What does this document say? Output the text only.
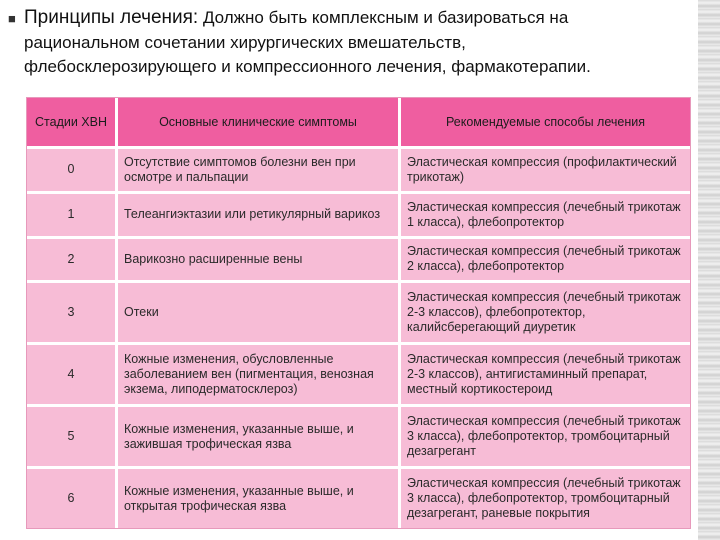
■ Принципы лечения: Должно быть комплексным и базироваться на
рациональном сочетании хирургических вмешательств,
флебосклерозирующего и компрессионного лечения, фармакотерапии.
Стадии ХВН	Основные клинические симптомы	Рекомендуемые способы лечения
0	Отсутствие симптомов болезни вен при осмотре и пальпации	Эластическая компрессия (профилактический трикотаж)
1	Телеангиэктазии или ретикулярный варикоз	Эластическая компрессия (лечебный трикотаж 1 класса), флебопротектор
2	Варикозно расширенные вены	Эластическая компрессия (лечебный трикотаж 2 класса), флебопротектор
3	Отеки	Эластическая компрессия (лечебный трикотаж 2-3 классов), флебопротектор, калийсберегающий диуретик
4	Кожные изменения, обусловленные заболеванием вен (пигментация, венозная экзема, липодерматосклероз)	Эластическая компрессия (лечебный трикотаж 2-3 классов), антигистаминный препарат, местный кортикостероид
5	Кожные изменения, указанные выше, и зажившая трофическая язва	Эластическая компрессия (лечебный трикотаж 3 класса), флебопротектор, тромбоцитарный дезагрегант
6	Кожные изменения, указанные выше, и открытая трофическая язва	Эластическая компрессия (лечебный трикотаж 3 класса), флебопротектор, тромбоцитарный дезагрегант, раневые покрытия
